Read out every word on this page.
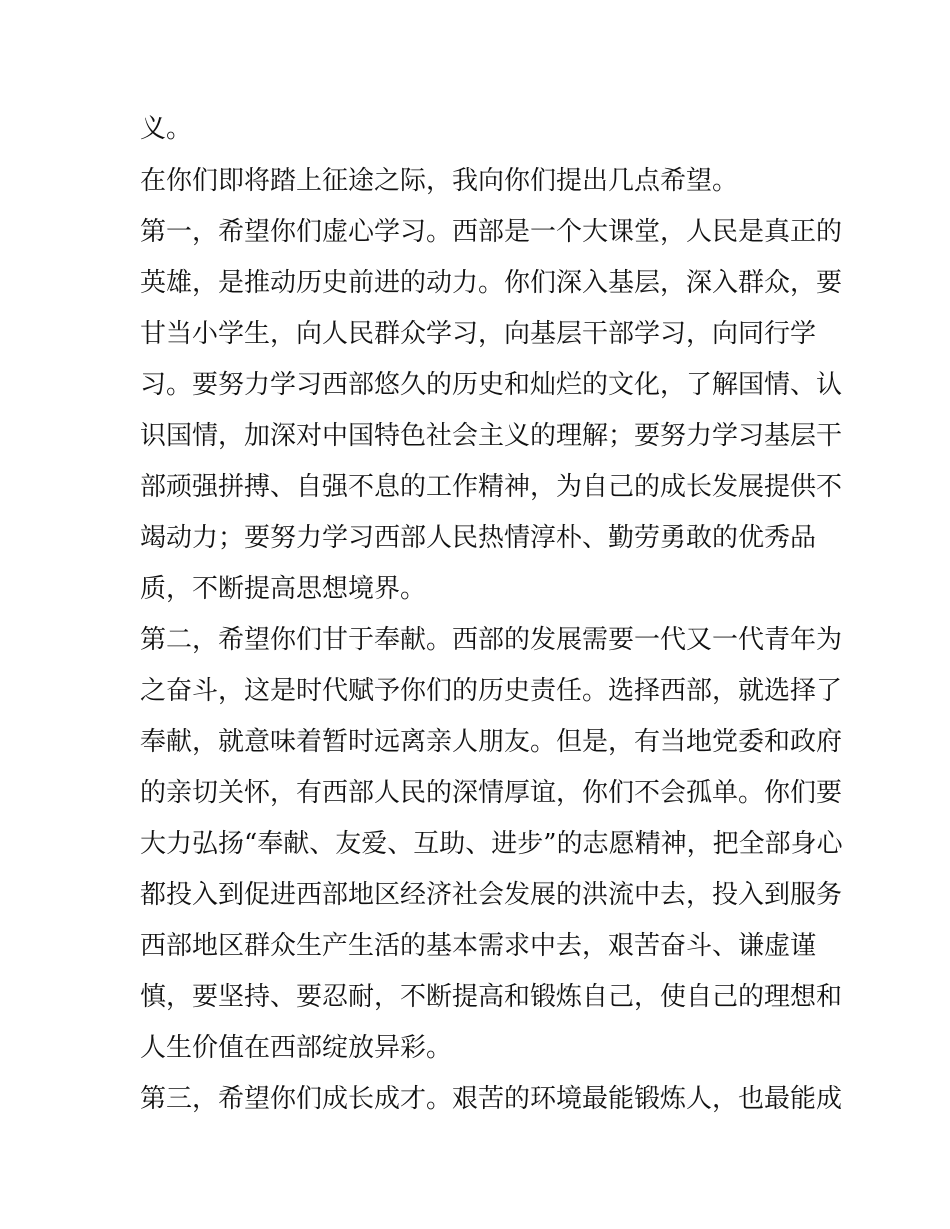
义。
在你们即将踏上征途之际，我向你们提出几点希望。
第一，希望你们虚心学习。西部是一个大课堂，人民是真正的
英雄，是推动历史前进的动力。你们深入基层，深入群众，要
甘当小学生，向人民群众学习，向基层干部学习，向同行学
习。要努力学习西部悠久的历史和灿烂的文化，了解国情、认
识国情，加深对中国特色社会主义的理解；要努力学习基层干
部顽强拼搏、自强不息的工作精神，为自己的成长发展提供不
竭动力；要努力学习西部人民热情淳朴、勤劳勇敢的优秀品
质，不断提高思想境界。
第二，希望你们甘于奉献。西部的发展需要一代又一代青年为
之奋斗，这是时代赋予你们的历史责任。选择西部，就选择了
奉献，就意味着暂时远离亲人朋友。但是，有当地党委和政府
的亲切关怀，有西部人民的深情厚谊，你们不会孤单。你们要
大力弘扬“奉献、友爱、互助、进步”的志愿精神，把全部身心
都投入到促进西部地区经济社会发展的洪流中去，投入到服务
西部地区群众生产生活的基本需求中去，艰苦奋斗、谦虚谨
慎，要坚持、要忍耐，不断提高和锻炼自己，使自己的理想和
人生价值在西部绽放异彩。
第三，希望你们成长成才。艰苦的环境最能锻炼人，也最能成
